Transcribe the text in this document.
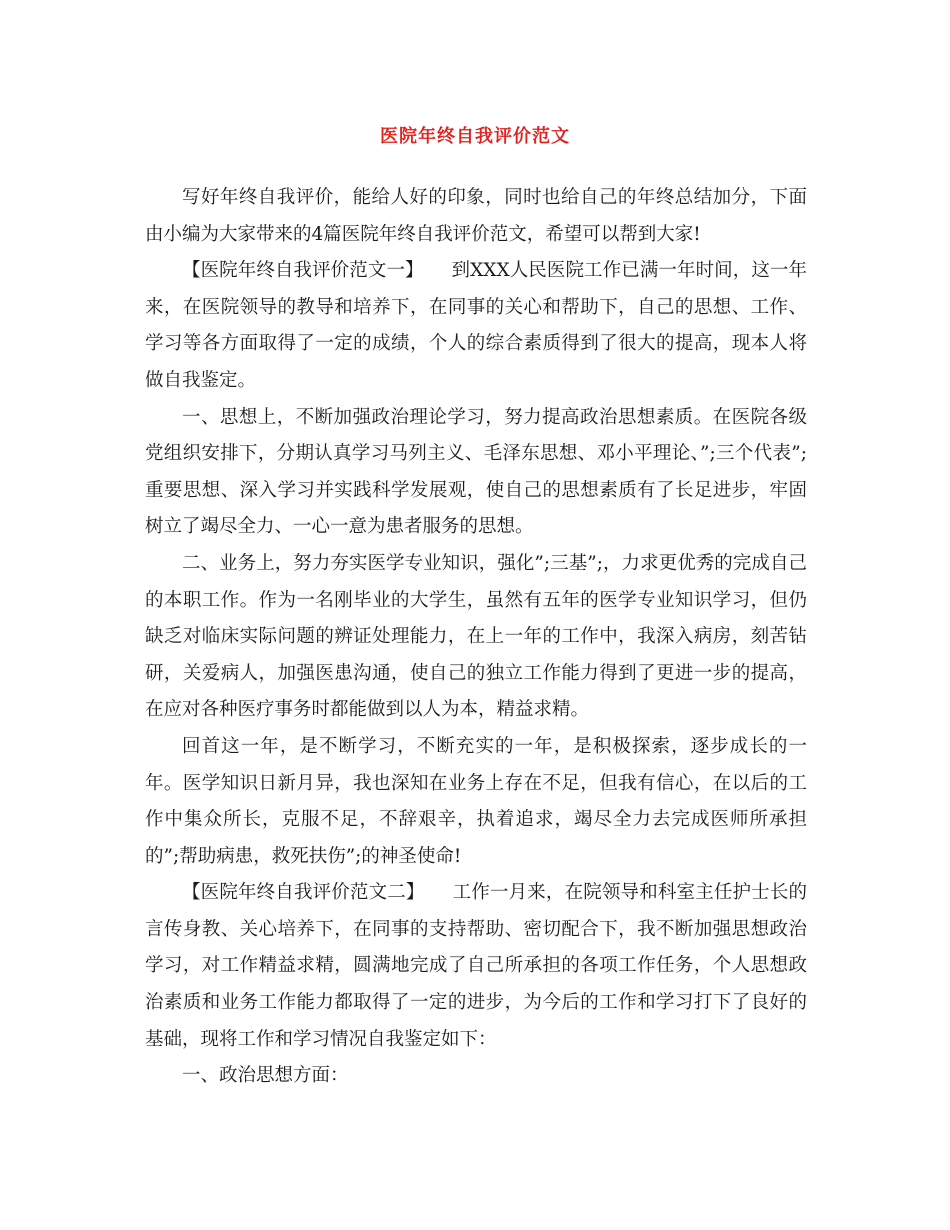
医院年终自我评价范文

写好年终自我评价，能给人好的印象，同时也给自己的年终总结加分，下面由小编为大家带来的4篇医院年终自我评价范文，希望可以帮到大家!

【医院年终自我评价范文一】　　到XXX人民医院工作已满一年时间，这一年来，在医院领导的教导和培养下，在同事的关心和帮助下，自己的思想、工作、学习等各方面取得了一定的成绩，个人的综合素质得到了很大的提高，现本人将做自我鉴定。

一、思想上，不断加强政治理论学习，努力提高政治思想素质。在医院各级党组织安排下，分期认真学习马列主义、毛泽东思想、邓小平理论、”;三个代表”;重要思想、深入学习并实践科学发展观，使自己的思想素质有了长足进步，牢固树立了竭尽全力、一心一意为患者服务的思想。

二、业务上，努力夯实医学专业知识，强化”;三基”;，力求更优秀的完成自己的本职工作。作为一名刚毕业的大学生，虽然有五年的医学专业知识学习，但仍缺乏对临床实际问题的辨证处理能力，在上一年的工作中，我深入病房，刻苦钻研，关爱病人，加强医患沟通，使自己的独立工作能力得到了更进一步的提高，在应对各种医疗事务时都能做到以人为本，精益求精。

回首这一年，是不断学习，不断充实的一年，是积极探索，逐步成长的一年。医学知识日新月异，我也深知在业务上存在不足，但我有信心，在以后的工作中集众所长，克服不足，不辞艰辛，执着追求，竭尽全力去完成医师所承担的”;帮助病患，救死扶伤”;的神圣使命!

【医院年终自我评价范文二】　　工作一月来，在院领导和科室主任护士长的言传身教、关心培养下，在同事的支持帮助、密切配合下，我不断加强思想政治学习，对工作精益求精，圆满地完成了自己所承担的各项工作任务，个人思想政治素质和业务工作能力都取得了一定的进步，为今后的工作和学习打下了良好的基础，现将工作和学习情况自我鉴定如下：

一、政治思想方面：
